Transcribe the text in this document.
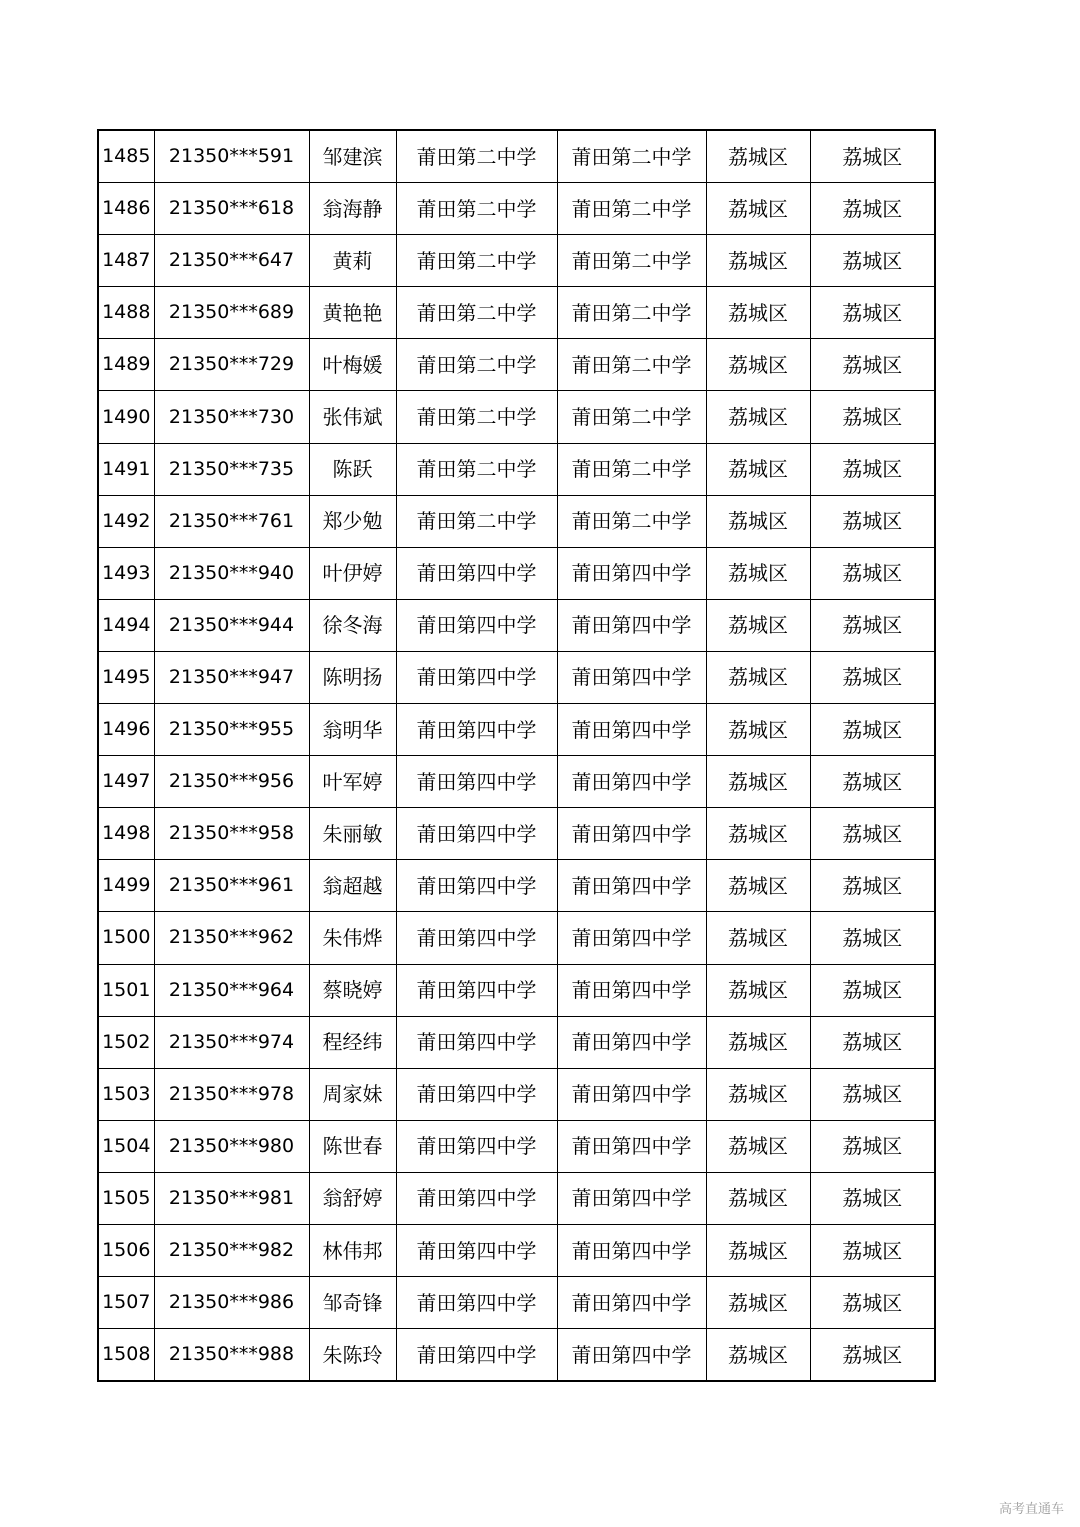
1485	21350***591	邹建滨	莆田第二中学	莆田第二中学	荔城区	荔城区
1486	21350***618	翁海静	莆田第二中学	莆田第二中学	荔城区	荔城区
1487	21350***647	黄莉	莆田第二中学	莆田第二中学	荔城区	荔城区
1488	21350***689	黄艳艳	莆田第二中学	莆田第二中学	荔城区	荔城区
1489	21350***729	叶梅媛	莆田第二中学	莆田第二中学	荔城区	荔城区
1490	21350***730	张伟斌	莆田第二中学	莆田第二中学	荔城区	荔城区
1491	21350***735	陈跃	莆田第二中学	莆田第二中学	荔城区	荔城区
1492	21350***761	郑少勉	莆田第二中学	莆田第二中学	荔城区	荔城区
1493	21350***940	叶伊婷	莆田第四中学	莆田第四中学	荔城区	荔城区
1494	21350***944	徐冬海	莆田第四中学	莆田第四中学	荔城区	荔城区
1495	21350***947	陈明扬	莆田第四中学	莆田第四中学	荔城区	荔城区
1496	21350***955	翁明华	莆田第四中学	莆田第四中学	荔城区	荔城区
1497	21350***956	叶军婷	莆田第四中学	莆田第四中学	荔城区	荔城区
1498	21350***958	朱丽敏	莆田第四中学	莆田第四中学	荔城区	荔城区
1499	21350***961	翁超越	莆田第四中学	莆田第四中学	荔城区	荔城区
1500	21350***962	朱伟烨	莆田第四中学	莆田第四中学	荔城区	荔城区
1501	21350***964	蔡晓婷	莆田第四中学	莆田第四中学	荔城区	荔城区
1502	21350***974	程经纬	莆田第四中学	莆田第四中学	荔城区	荔城区
1503	21350***978	周家妹	莆田第四中学	莆田第四中学	荔城区	荔城区
1504	21350***980	陈世春	莆田第四中学	莆田第四中学	荔城区	荔城区
1505	21350***981	翁舒婷	莆田第四中学	莆田第四中学	荔城区	荔城区
1506	21350***982	林伟邦	莆田第四中学	莆田第四中学	荔城区	荔城区
1507	21350***986	邹奇锋	莆田第四中学	莆田第四中学	荔城区	荔城区
1508	21350***988	朱陈玲	莆田第四中学	莆田第四中学	荔城区	荔城区
高考直通车
